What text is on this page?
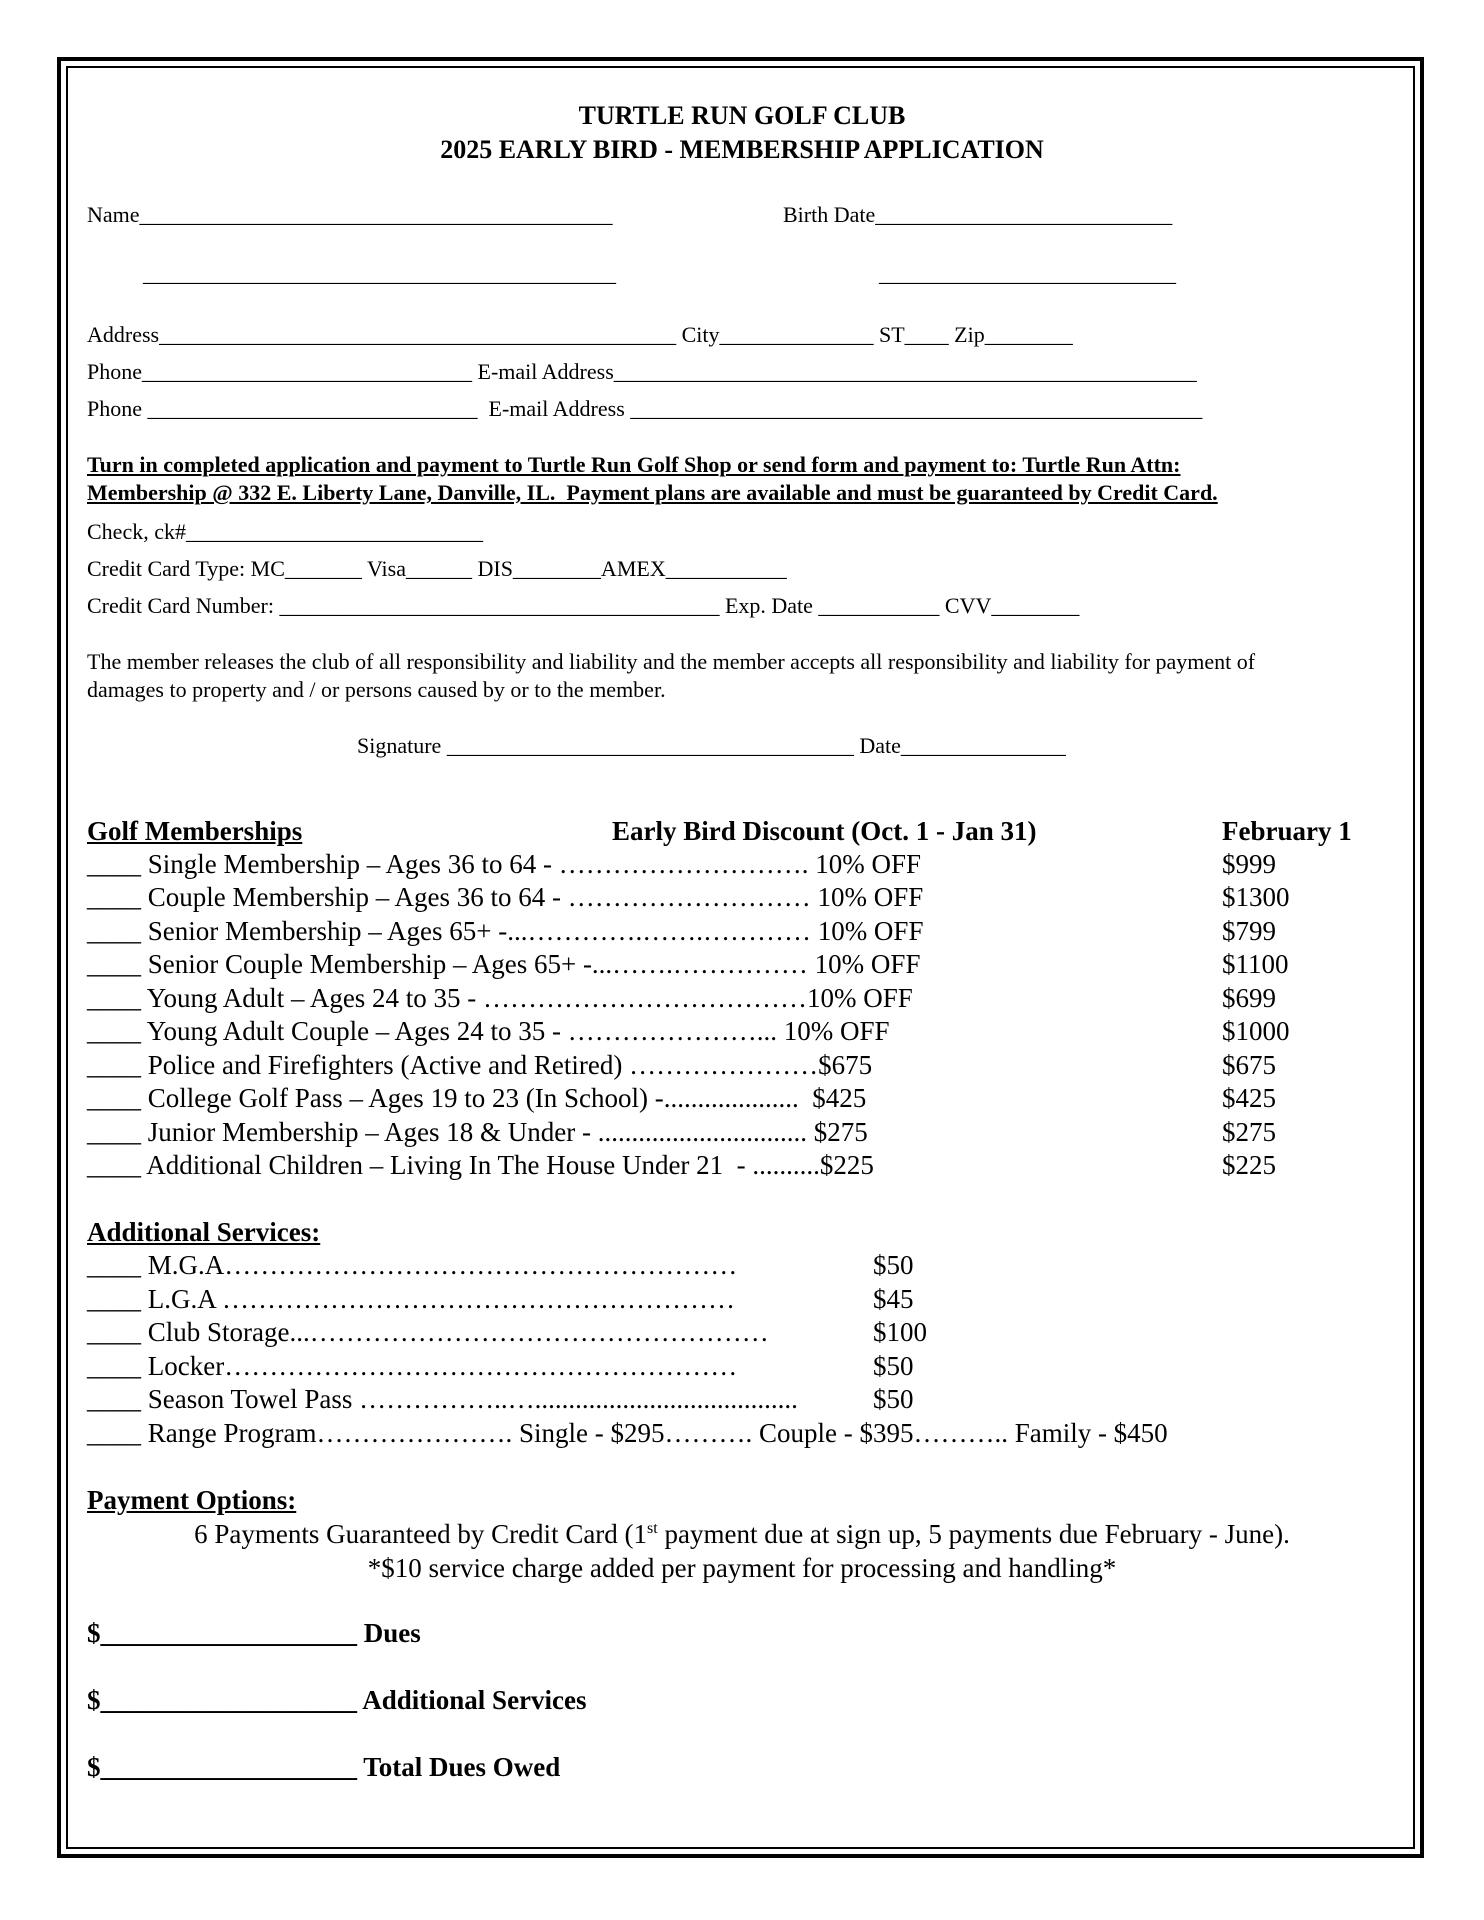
TURTLE RUN GOLF CLUB
2025 EARLY BIRD - MEMBERSHIP APPLICATION
Name___________________________________________	Birth Date___________________________
___________________________________________	___________________________
Address_______________________________________________ City______________ ST____ Zip________
Phone______________________________ E-mail Address_____________________________________________________
Phone ______________________________  E-mail Address ____________________________________________________
Turn in completed application and payment to Turtle Run Golf Shop or send form and payment to: Turtle Run Attn:
Membership @ 332 E. Liberty Lane, Danville, IL.  Payment plans are available and must be guaranteed by Credit Card.
Check, ck#___________________________
Credit Card Type: MC_______ Visa______ DIS________AMEX___________
Credit Card Number: ________________________________________ Exp. Date ___________ CVV________
The member releases the club of all responsibility and liability and the member accepts all responsibility and liability for payment of
damages to property and / or persons caused by or to the member.
Signature _____________________________________ Date_______________
Golf Memberships	Early Bird Discount (Oct. 1 - Jan 31)	February 1
____ Single Membership – Ages 36 to 64 - ………………………. 10% OFF	$999
____ Couple Membership – Ages 36 to 64 - ……………………… 10% OFF	$1300
____ Senior Membership – Ages 65+ -...………….…….………… 10% OFF	$799
____ Senior Couple Membership – Ages 65+ -...…….…………… 10% OFF	$1100
____ Young Adult – Ages 24 to 35 - ………………………………10% OFF	$699
____ Young Adult Couple – Ages 24 to 35 - …………………... 10% OFF	$1000
____ Police and Firefighters (Active and Retired) …………………$675	$675
____ College Golf Pass – Ages 19 to 23 (In School) -....................  $425	$425
____ Junior Membership – Ages 18 & Under - ............................... $275	$275
____ Additional Children – Living In The House Under 21  - ..........$225	$225
Additional Services:
____ M.G.A…………………………………………………	$50
____ L.G.A …………………………………………………	$45
____ Club Storage...……………………………………………	$100
____ Locker…………………………………………………	$50
____ Season Towel Pass ……………..….......................................	$50
____ Range Program…………………. Single - $295………. Couple - $395……….. Family - $450
Payment Options:
6 Payments Guaranteed by Credit Card (1st payment due at sign up, 5 payments due February - June).
*$10 service charge added per payment for processing and handling*
$___________________ Dues
$___________________ Additional Services
$___________________ Total Dues Owed
